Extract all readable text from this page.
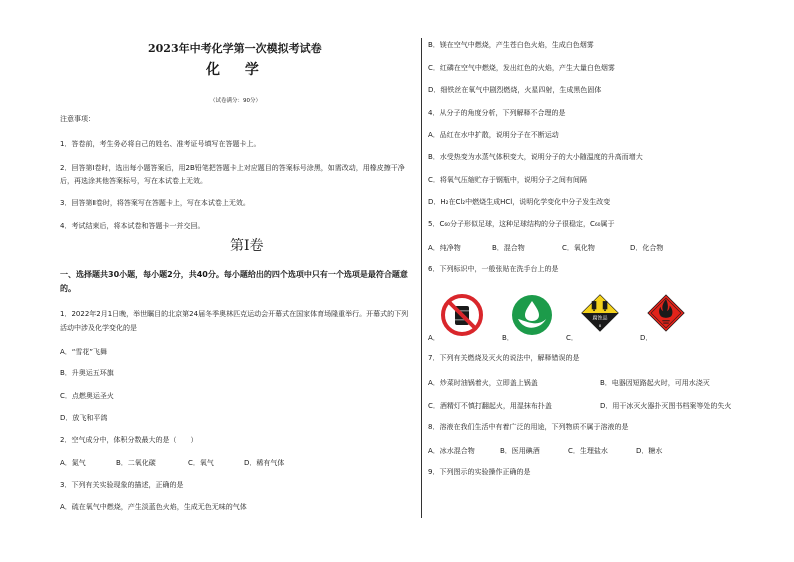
2023年中考化学第一次模拟考试卷
化 学
（试卷满分：90分）
注意事项：
1．答卷前，考生务必将自己的姓名、准考证号填写在答题卡上。
2．回答第Ⅰ卷时，选出每小题答案后，用2B铅笔把答题卡上对应题目的答案标号涂黑，如需改动，用橡皮擦干净后，再选涂其他答案标号，写在本试卷上无效。
3．回答第Ⅱ卷时，将答案写在答题卡上，写在本试卷上无效。
4．考试结束后，将本试卷和答题卡一并交回。
第Ⅰ卷
一、选择题共30小题，每小题2分，共40分。每小题给出的四个选项中只有一个选项是最符合题意的。
1．2022年2月1日晚，举世瞩目的北京第24届冬季奥林匹克运动会开幕式在国家体育场隆重举行。开幕式的下列活动中涉及化学变化的是
A．“雪花”飞舞
B．升奥运五环旗
C．点燃奥运圣火
D．放飞和平鸽
2．空气成分中，体积分数最大的是（　　）
A．氮气	B．二氧化碳	C．氧气	D．稀有气体
3．下列有关实验现象的描述，正确的是
A．硫在氧气中燃烧，产生淡蓝色火焰，生成无色无味的气体
B．镁在空气中燃烧，产生苍白色火焰，生成白色烟雾
C．红磷在空气中燃烧，发出红色的火焰，产生大量白色烟雾
D．细铁丝在氧气中剧烈燃烧，火星四射，生成黑色固体
4．从分子的角度分析，下列解释不合理的是
A．品红在水中扩散，说明分子在不断运动
B．水受热变为水蒸气体积变大，说明分子的大小随温度的升高而增大
C．将氧气压缩贮存于钢瓶中，说明分子之间有间隔
D．H₂在Cl₂中燃烧生成HCl，说明化学变化中分子发生改变
5．C₆₀分子形似足球，这种足球结构的分子很稳定，C₆₀属于
A．纯净物	B．混合物	C．氧化物	D．化合物
6．下列标识中，一般张贴在洗手台上的是
A．	B．	C．
腐蚀品
8
D．
7．下列有关燃烧及灭火的说法中，解释错误的是
A．炒菜时油锅着火，立即盖上锅盖	B．电器因短路起火时，可用水浇灭
C．酒精灯不慎打翻起火，用湿抹布扑盖	D．用干冰灭火器扑灭图书档案等处的失火
8．溶液在我们生活中有着广泛的用途，下列物质不属于溶液的是
A．冰水混合物	B．医用碘酒	C．生理盐水	D．糖水
9．下列图示的实验操作正确的是
